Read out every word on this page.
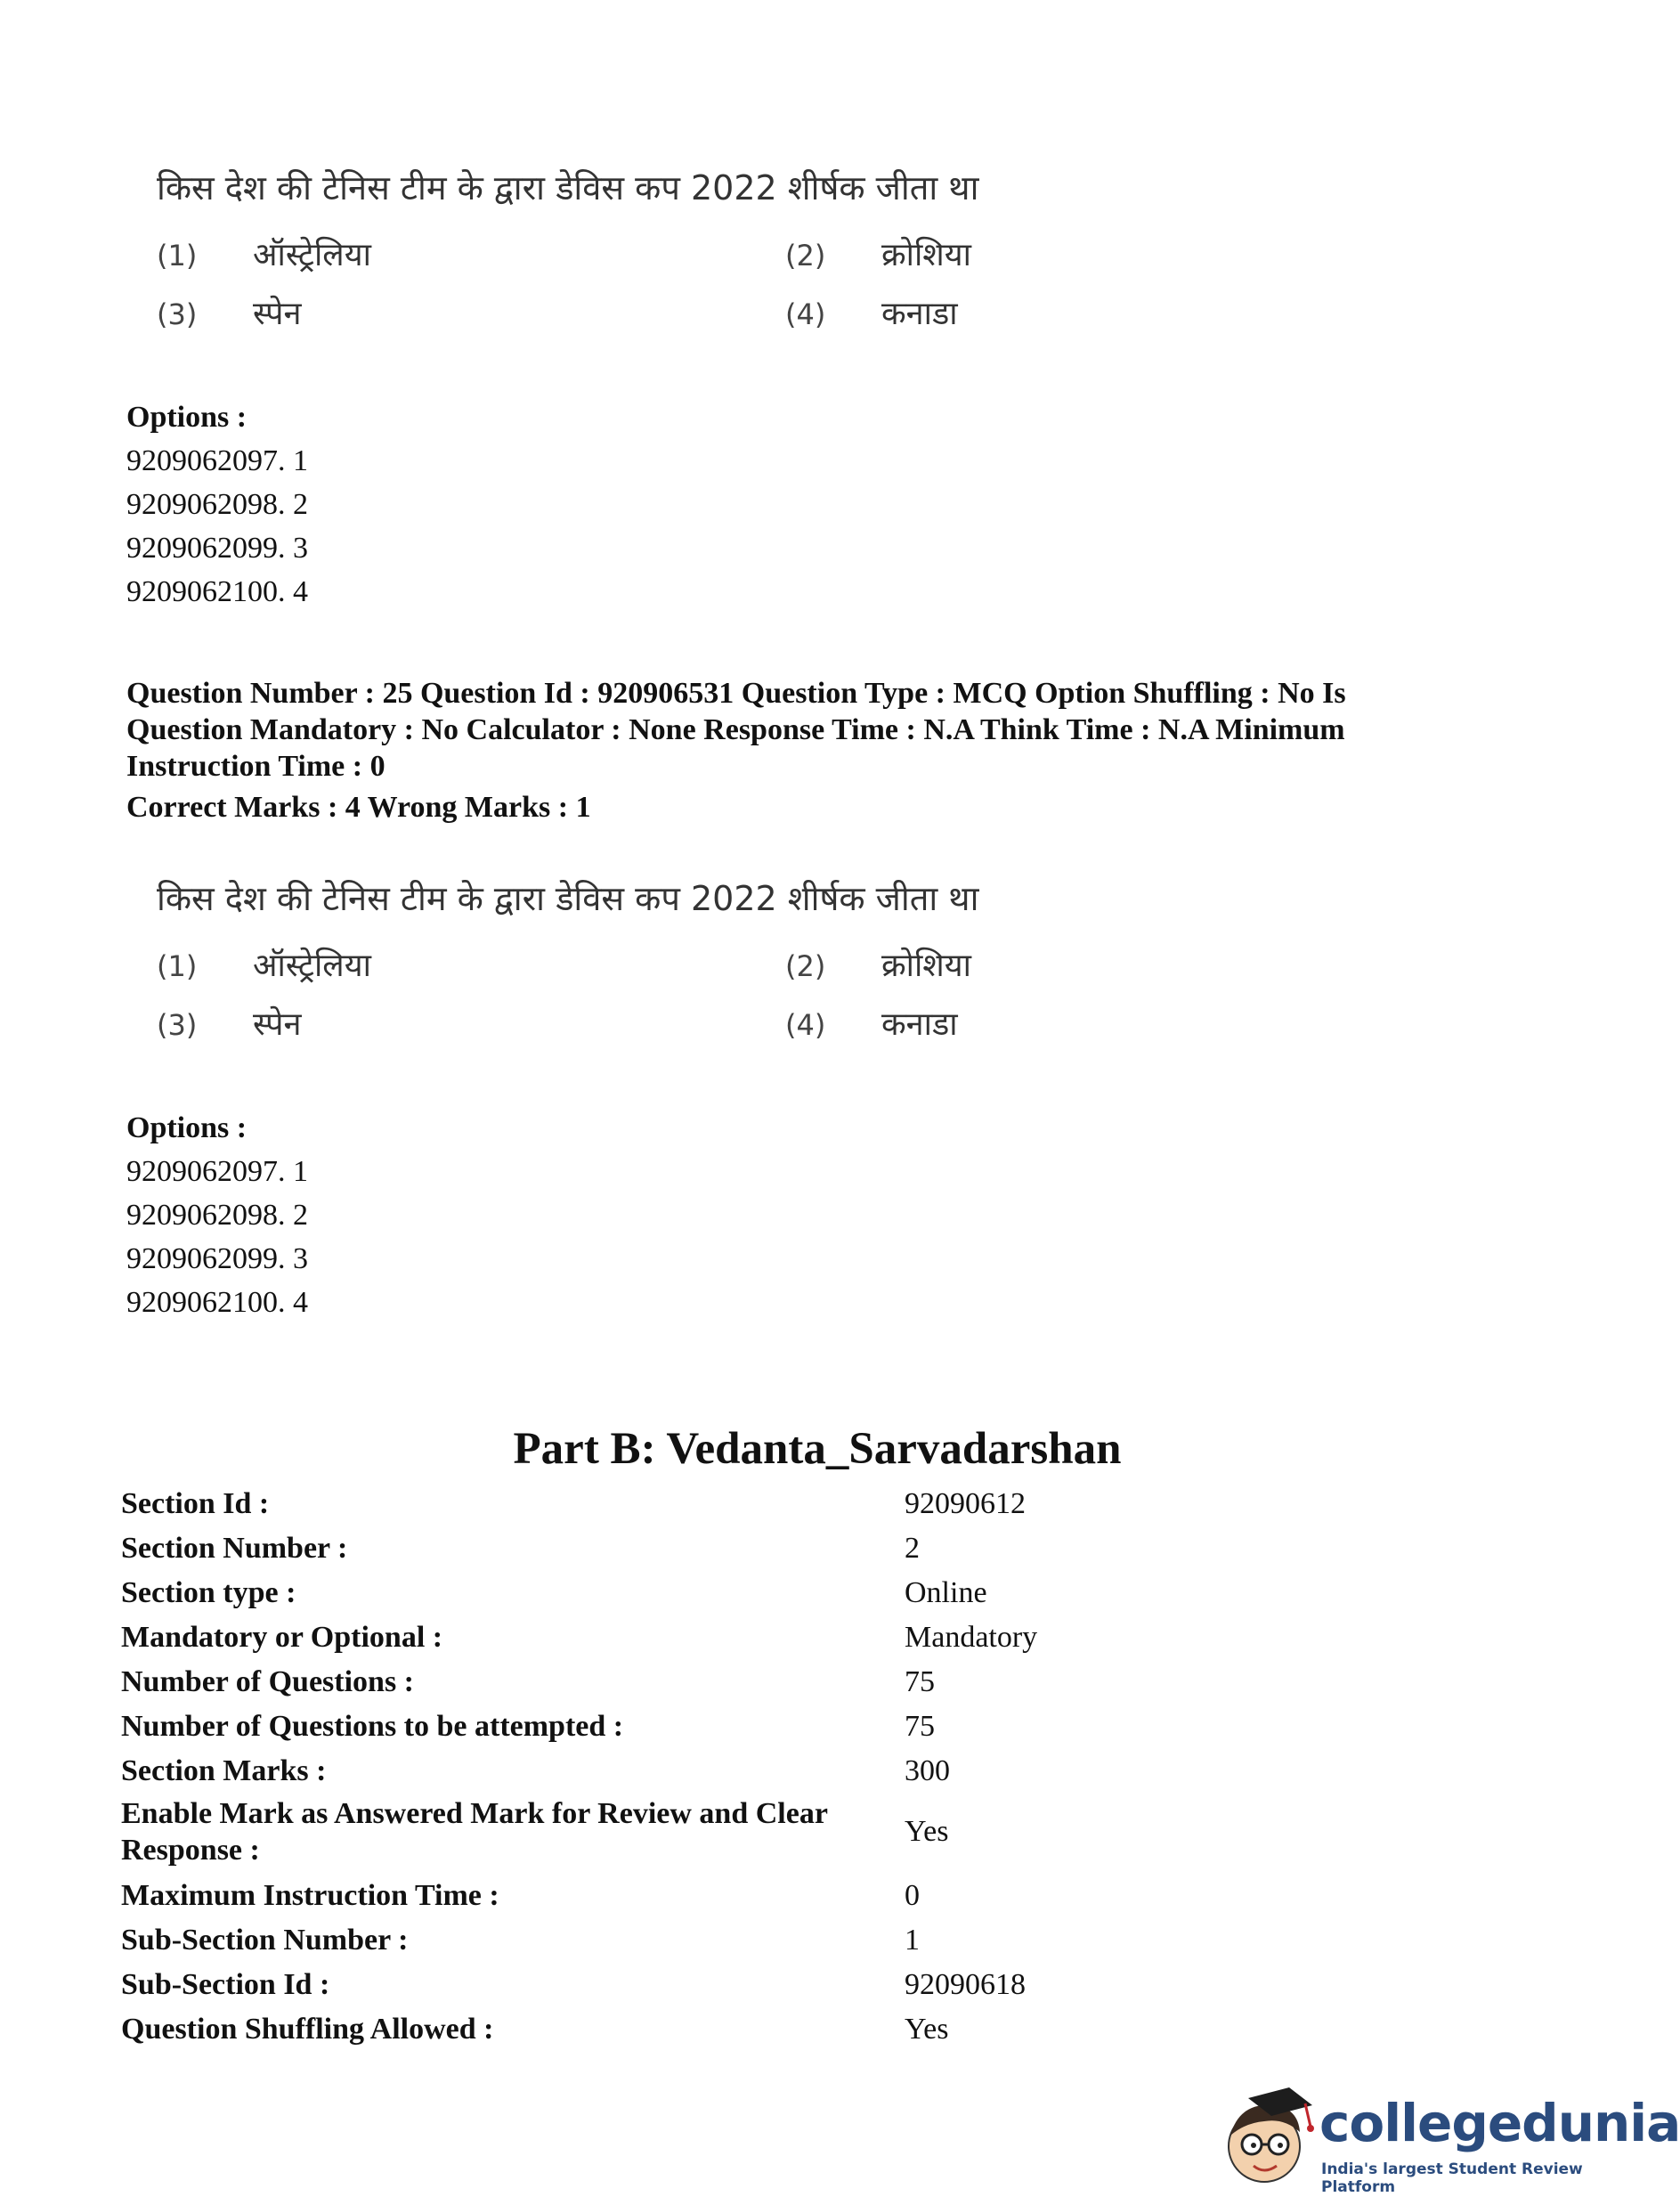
किस देश की टेनिस टीम के द्वारा डेविस कप 2022 शीर्षक जीता था
(1) ऑस्ट्रेलिया	(2) क्रोशिया
(3) स्पेन	(4) कनाडा
Options :
9209062097. 1
9209062098. 2
9209062099. 3
9209062100. 4
Question Number : 25 Question Id : 920906531 Question Type : MCQ Option Shuffling : No Is
Question Mandatory : No Calculator : None Response Time : N.A Think Time : N.A Minimum
Instruction Time : 0
Correct Marks : 4 Wrong Marks : 1
किस देश की टेनिस टीम के द्वारा डेविस कप 2022 शीर्षक जीता था
(1) ऑस्ट्रेलिया	(2) क्रोशिया
(3) स्पेन	(4) कनाडा
Options :
9209062097. 1
9209062098. 2
9209062099. 3
9209062100. 4
Part B: Vedanta_Sarvadarshan
Section Id :	92090612
Section Number :	2
Section type :	Online
Mandatory or Optional :	Mandatory
Number of Questions :	75
Number of Questions to be attempted :	75
Section Marks :	300
Enable Mark as Answered Mark for Review and Clear
Response :
Yes
Maximum Instruction Time :	0
Sub-Section Number :	1
Sub-Section Id :	92090618
Question Shuffling Allowed :	Yes
collegedunia
India's largest Student Review Platform
